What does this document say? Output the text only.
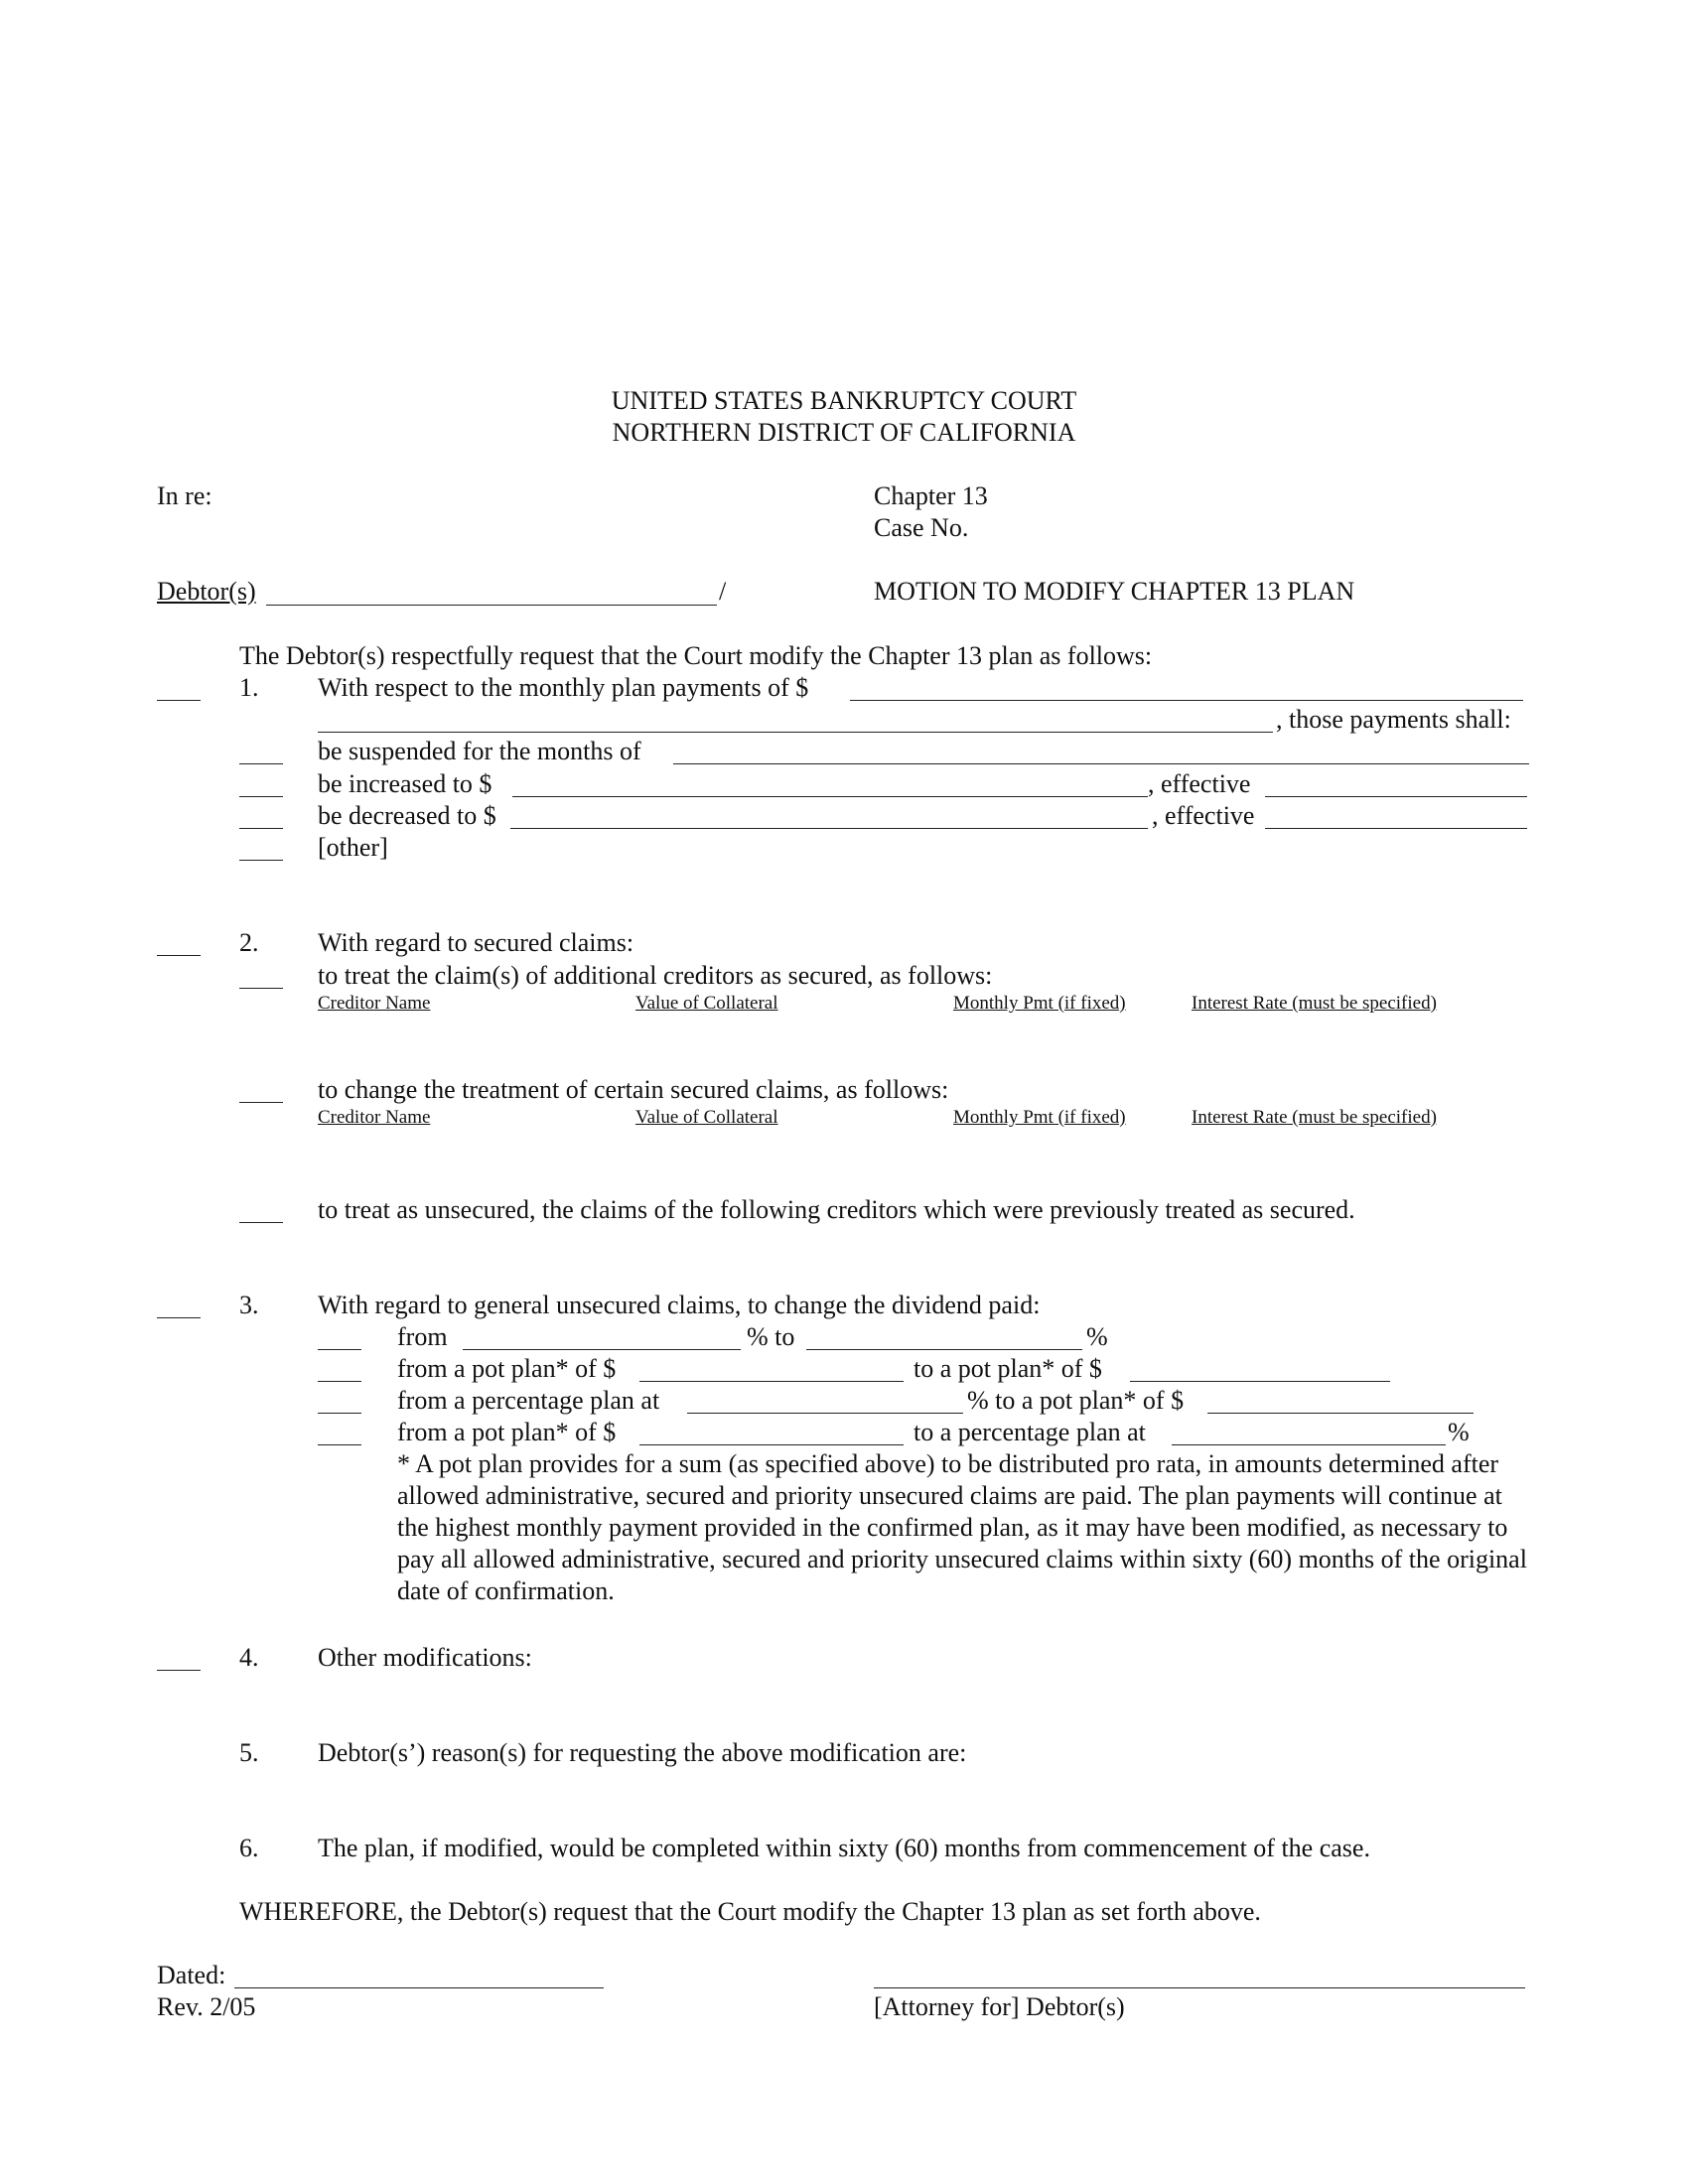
UNITED STATES BANKRUPTCY COURT
NORTHERN DISTRICT OF CALIFORNIA
In re:	Chapter 13
Case No.
Debtor(s)	/	MOTION TO MODIFY CHAPTER 13 PLAN
The Debtor(s) respectfully request that the Court modify the Chapter 13 plan as follows:
1. With respect to the monthly plan payments of $
, those payments shall:
be suspended for the months of
be increased to $	, effective
be decreased to $	, effective
[other]
2. With regard to secured claims:
to treat the claim(s) of additional creditors as secured, as follows:
Creditor Name	Value of Collateral	Monthly Pmt (if fixed)	Interest Rate (must be specified)
to change the treatment of certain secured claims, as follows:
Creditor Name	Value of Collateral	Monthly Pmt (if fixed)	Interest Rate (must be specified)
to treat as unsecured, the claims of the following creditors which were previously treated as secured.
3. With regard to general unsecured claims, to change the dividend paid:
from	% to	%
from a pot plan* of $	to a pot plan* of $
from a percentage plan at	% to a pot plan* of $
from a pot plan* of $	to a percentage plan at	%
* A pot plan provides for a sum (as specified above) to be distributed pro rata, in amounts determined after allowed administrative, secured and priority unsecured claims are paid. The plan payments will continue at the highest monthly payment provided in the confirmed plan, as it may have been modified, as necessary to pay all allowed administrative, secured and priority unsecured claims within sixty (60) months of the original date of confirmation.
4. Other modifications:
5. Debtor(s’) reason(s) for requesting the above modification are:
6. The plan, if modified, would be completed within sixty (60) months from commencement of the case.
WHEREFORE, the Debtor(s) request that the Court modify the Chapter 13 plan as set forth above.
Dated:
Rev. 2/05	[Attorney for] Debtor(s)
